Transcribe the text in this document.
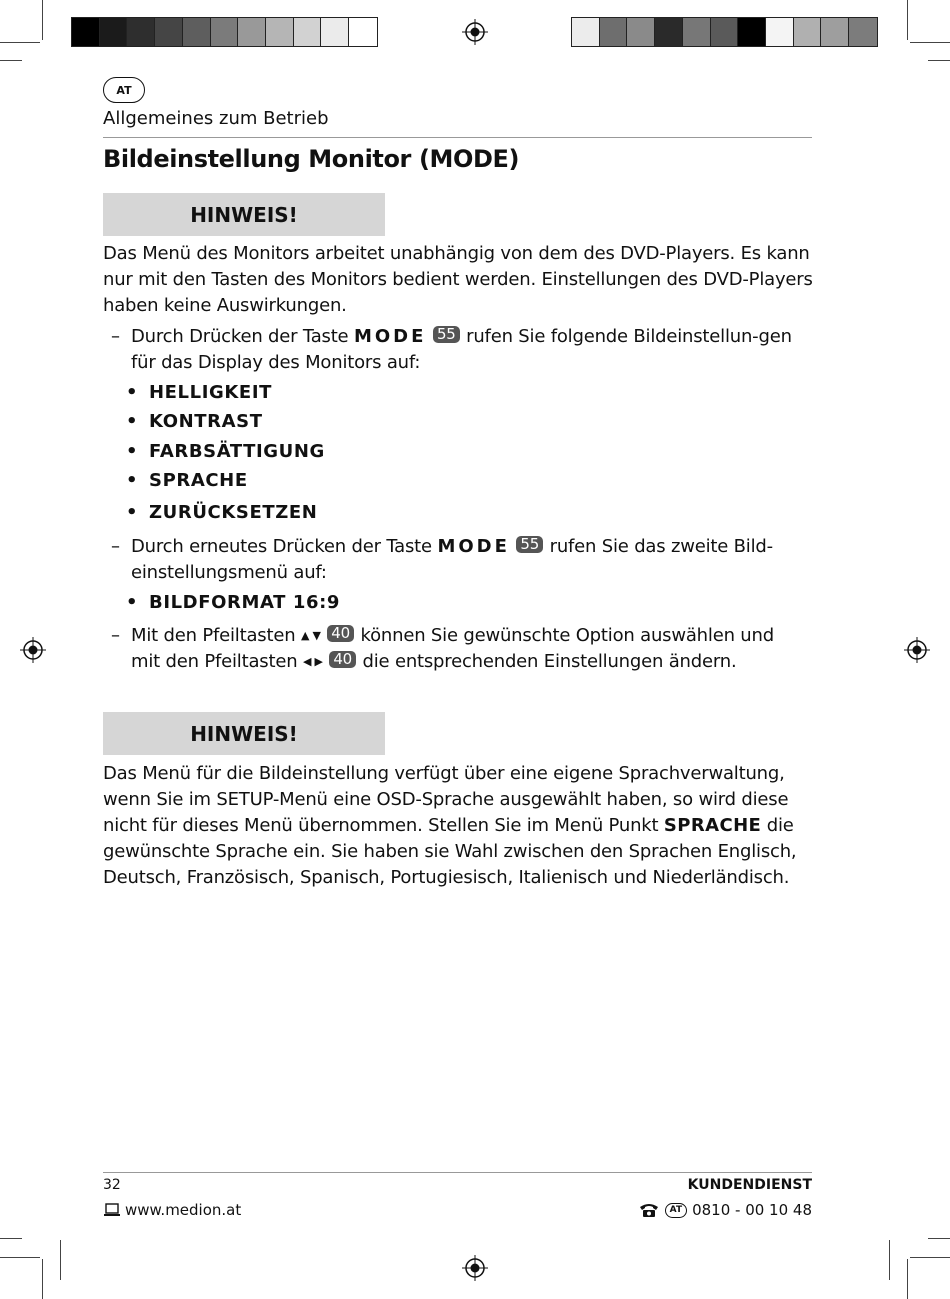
AT
Allgemeines zum Betrieb
Bildeinstellung Monitor (MODE)
HINWEIS!
Das Menü des Monitors arbeitet unabhängig von dem des DVD-Players. Es kann nur mit den Tasten des Monitors bedient werden. Einstellungen des DVD-Players haben keine Auswirkungen.
– Durch Drücken der Taste MODE 55 rufen Sie folgende Bildeinstellun-gen für das Display des Monitors auf:
• HELLIGKEIT
• KONTRAST
• FARBSÄTTIGUNG
• SPRACHE
• ZURÜCKSETZEN
– Durch erneutes Drücken der Taste MODE 55 rufen Sie das zweite Bild-einstellungsmenü auf:
• BILDFORMAT 16:9
– Mit den Pfeiltasten ▲ ▼ 40 können Sie gewünschte Option auswählen und mit den Pfeiltasten ◀ ▶ 40 die entsprechenden Einstellungen ändern.
HINWEIS!
Das Menü für die Bildeinstellung verfügt über eine eigene Sprachverwaltung, wenn Sie im SETUP-Menü eine OSD-Sprache ausgewählt haben, so wird diese nicht für dieses Menü übernommen. Stellen Sie im Menü Punkt SPRACHE die gewünschte Sprache ein. Sie haben sie Wahl zwischen den Sprachen Englisch, Deutsch, Französisch, Spanisch, Portugiesisch, Italienisch und Niederländisch.
32	KUNDENDIENST
www.medion.at	AT 0810 - 00 10 48
